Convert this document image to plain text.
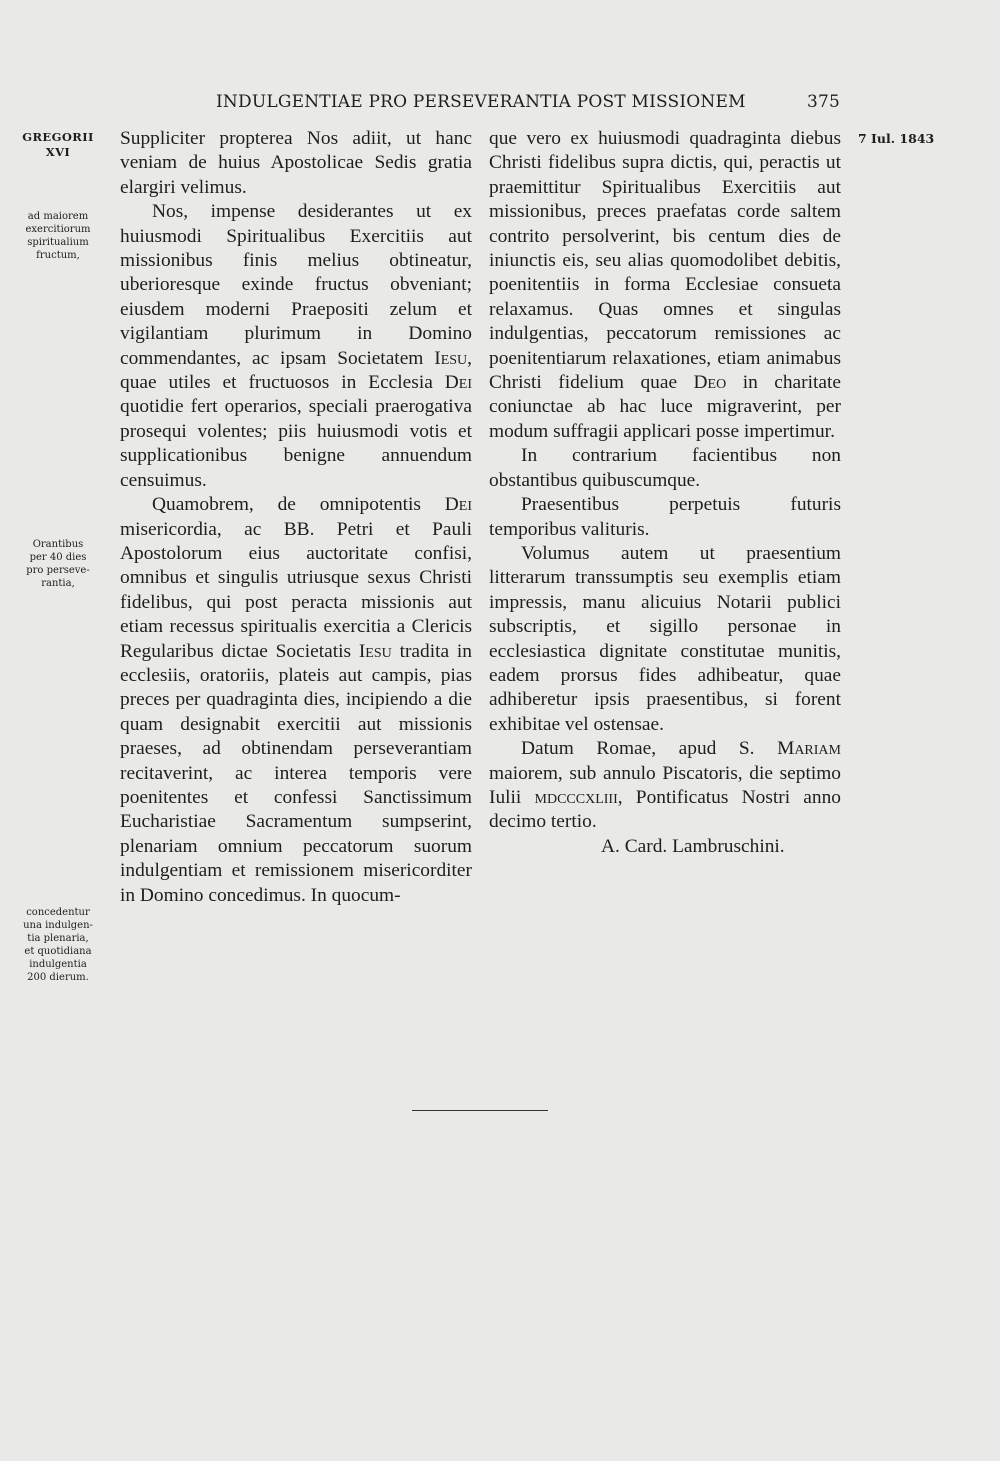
INDULGENTIAE PRO PERSEVERANTIA POST MISSIONEM	375
GREGORII
XVI
ad maiorem
exercitiorum
spiritualium
fructum,
Orantibus
per 40 dies
pro perseve-
rantia,
concedentur
una indulgen-
tia plenaria,
et quotidiana
indulgentia
200 dierum.
7 Iul. 1843

Suppliciter propterea Nos adiit, ut hanc veniam de huius Apostolicae Sedis gratia elargiri velimus.

Nos, impense desiderantes ut ex huiusmodi Spiritualibus Exercitiis aut missionibus finis melius obtineatur, uberioresque exinde fructus obveniant; eiusdem moderni Praepositi zelum et vigilantiam plurimum in Domino commendantes, ac ipsam Societatem Iesu, quae utiles et fructuosos in Ecclesia Dei quotidie fert operarios, speciali praerogativa prosequi volentes; piis huiusmodi votis et supplicationibus benigne annuendum censuimus.

Quamobrem, de omnipotentis Dei misericordia, ac BB. Petri et Pauli Apostolorum eius auctoritate confisi, omnibus et singulis utriusque sexus Christi fidelibus, qui post peracta missionis aut etiam recessus spiritualis exercitia a Clericis Regularibus dictae Societatis Iesu tradita in ecclesiis, oratoriis, plateis aut campis, pias preces per quadraginta dies, incipiendo a die quam designabit exercitii aut missionis praeses, ad obtinendam perseverantiam recitaverint, ac interea temporis vere poenitentes et confessi Sanctissimum Eucharistiae Sacramentum sumpserint, plenariam omnium peccatorum suorum indulgentiam et remissionem misericorditer in Domino concedimus. In quocum-

que vero ex huiusmodi quadraginta diebus Christi fidelibus supra dictis, qui, peractis ut praemittitur Spiritualibus Exercitiis aut missionibus, preces praefatas corde saltem contrito persolverint, bis centum dies de iniunctis eis, seu alias quomodolibet debitis, poenitentiis in forma Ecclesiae consueta relaxamus. Quas omnes et singulas indulgentias, peccatorum remissiones ac poenitentiarum relaxationes, etiam animabus Christi fidelium quae Deo in charitate coniunctae ab hac luce migraverint, per modum suffragii applicari posse impertimur.

In contrarium facientibus non obstantibus quibuscumque.

Praesentibus perpetuis futuris temporibus valituris.

Volumus autem ut praesentium litterarum transsumptis seu exemplis etiam impressis, manu alicuius Notarii publici subscriptis, et sigillo personae in ecclesiastica dignitate constitutae munitis, eadem prorsus fides adhibeatur, quae adhiberetur ipsis praesentibus, si forent exhibitae vel ostensae.

Datum Romae, apud S. Mariam maiorem, sub annulo Piscatoris, die septimo Iulii mdcccxliii, Pontificatus Nostri anno decimo tertio.

A. Card. Lambruschini.
